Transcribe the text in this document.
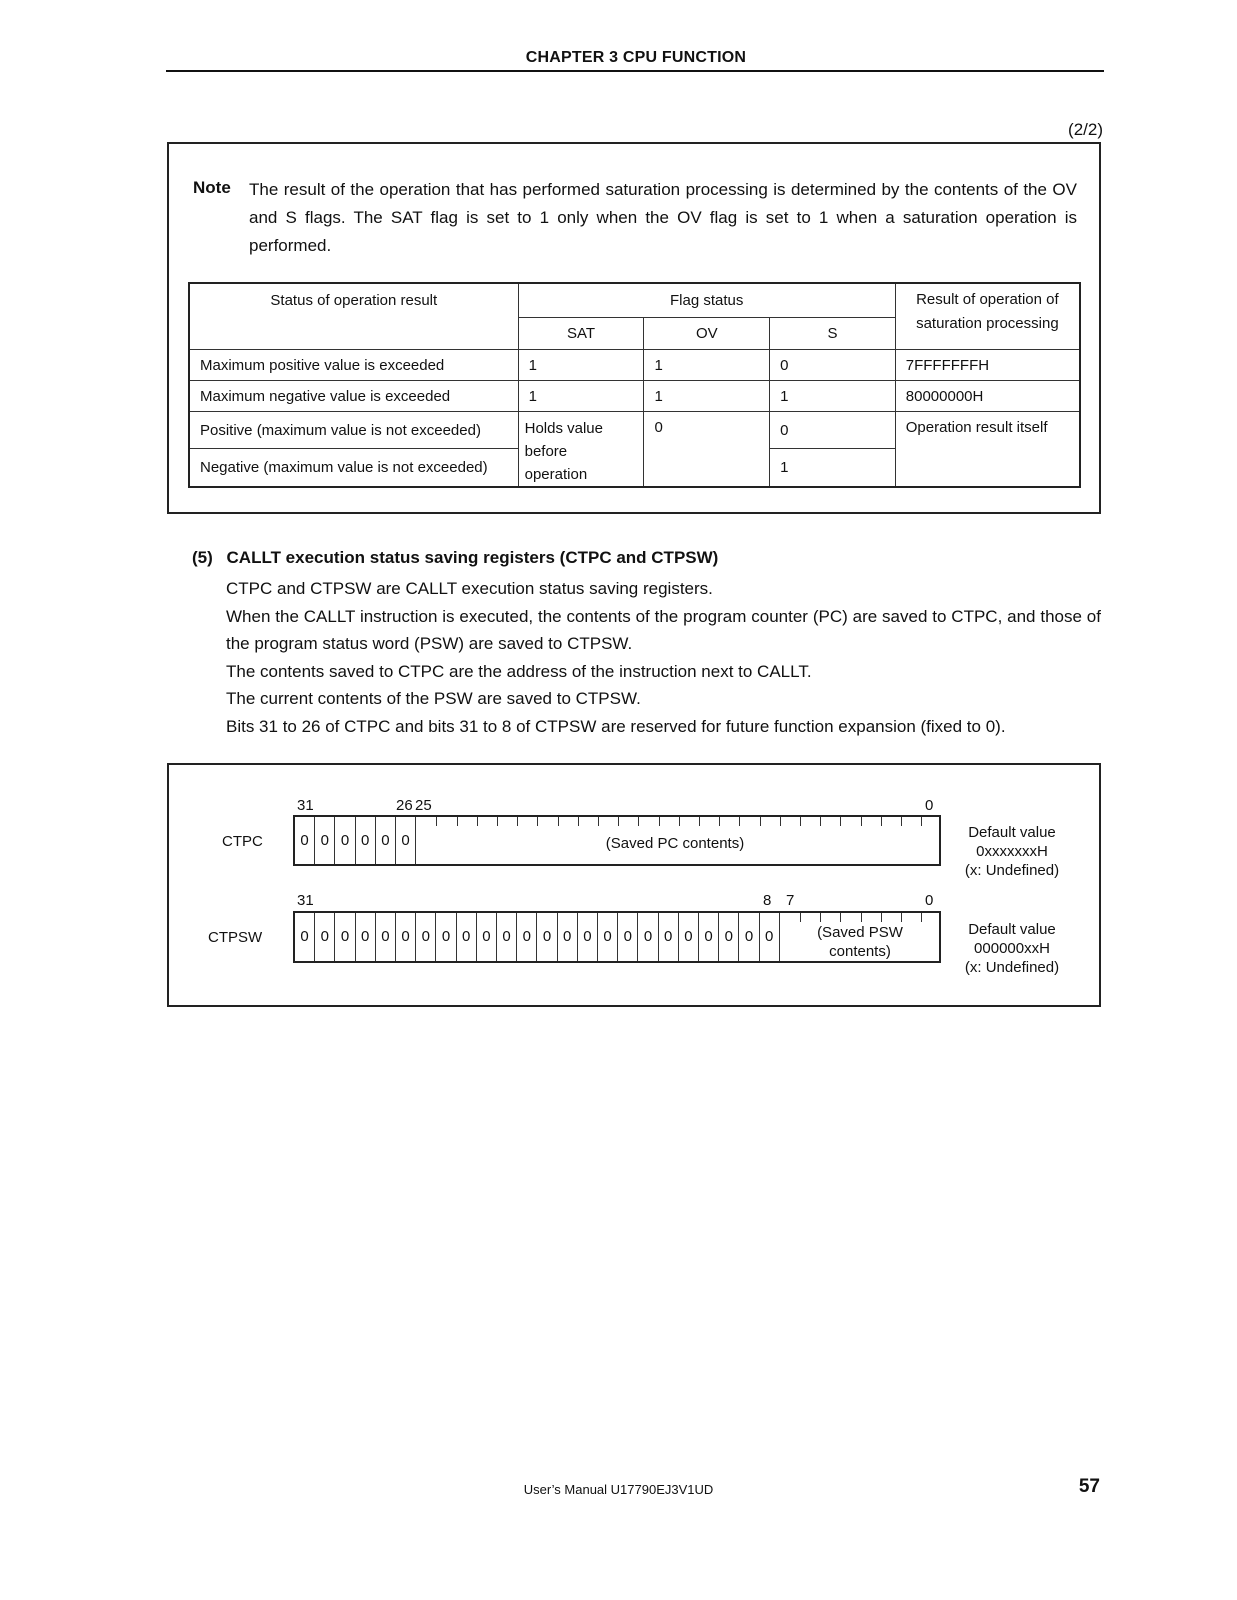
CHAPTER 3 CPU FUNCTION
(2/2)
Note The result of the operation that has performed saturation processing is determined by the contents of the OV and S flags. The SAT flag is set to 1 only when the OV flag is set to 1 when a saturation operation is performed.
Status of operation result	Flag status			Result of operation of saturation processing
	SAT	OV	S	
Maximum positive value is exceeded	1	1	0	7FFFFFFFH
Maximum negative value is exceeded	1	1	1	80000000H
Positive (maximum value is not exceeded)	Holds value before operation	0	0	Operation result itself
Negative (maximum value is not exceeded)			1	
(5) CALLT execution status saving registers (CTPC and CTPSW)
CTPC and CTPSW are CALLT execution status saving registers.
When the CALLT instruction is executed, the contents of the program counter (PC) are saved to CTPC, and those of the program status word (PSW) are saved to CTPSW.
The contents saved to CTPC are the address of the instruction next to CALLT.
The current contents of the PSW are saved to CTPSW.
Bits 31 to 26 of CTPC and bits 31 to 8 of CTPSW are reserved for future function expansion (fixed to 0).
CTPC
31	26 25	0
(Saved PC contents)
0 0 0 0 0 0	Default value
0xxxxxxxH
(x: Undefined)
CTPSW
31	8 7	0
(Saved PSW
contents)
0 0 0 0 0 0 0 0 0 0 0 0 0 0 0 0 0 0 0 0 0 0 0 0	Default value
000000xxH
(x: Undefined)
User’s Manual U17790EJ3V1UD	57
